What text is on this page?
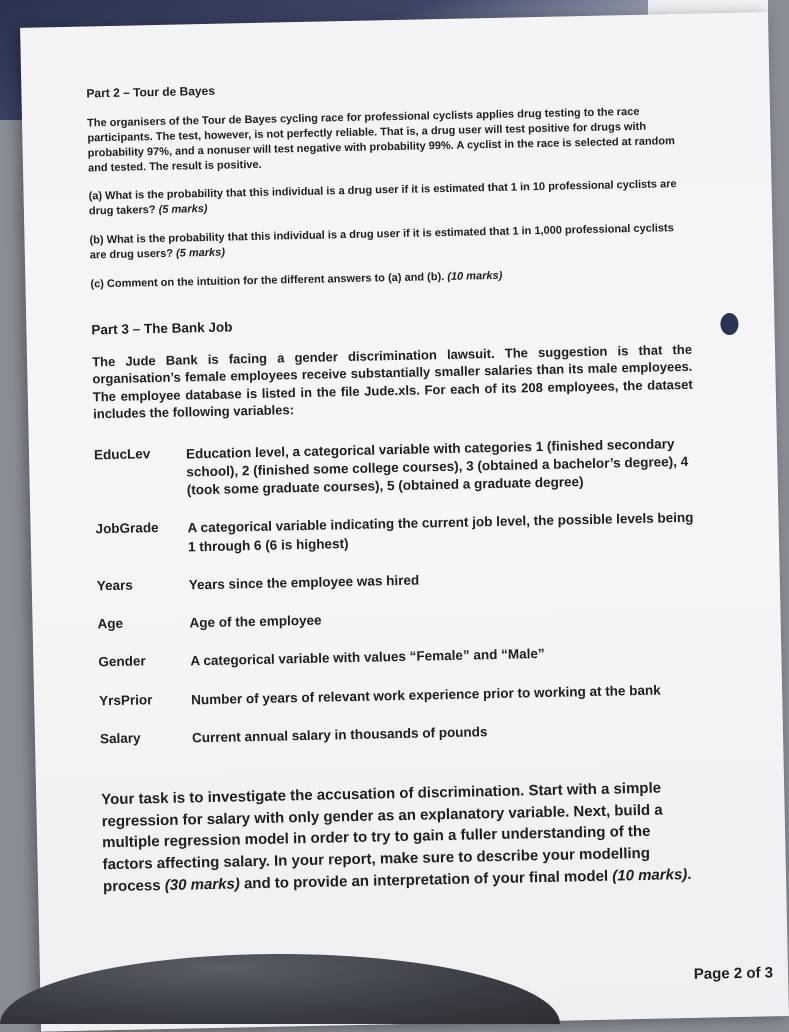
Part 2 – Tour de Bayes

The organisers of the Tour de Bayes cycling race for professional cyclists applies drug testing to the race participants. The test, however, is not perfectly reliable. That is, a drug user will test positive for drugs with probability 97%, and a nonuser will test negative with probability 99%. A cyclist in the race is selected at random and tested. The result is positive.

(a) What is the probability that this individual is a drug user if it is estimated that 1 in 10 professional cyclists are drug takers? (5 marks)

(b) What is the probability that this individual is a drug user if it is estimated that 1 in 1,000 professional cyclists are drug users? (5 marks)

(c) Comment on the intuition for the different answers to (a) and (b). (10 marks)

Part 3 – The Bank Job

The Jude Bank is facing a gender discrimination lawsuit. The suggestion is that the organisation’s female employees receive substantially smaller salaries than its male employees. The employee database is listed in the file Jude.xls. For each of its 208 employees, the dataset includes the following variables:

EducLev	Education level, a categorical variable with categories 1 (finished secondary school), 2 (finished some college courses), 3 (obtained a bachelor’s degree), 4 (took some graduate courses), 5 (obtained a graduate degree)
JobGrade	A categorical variable indicating the current job level, the possible levels being 1 through 6 (6 is highest)
Years	Years since the employee was hired
Age	Age of the employee
Gender	A categorical variable with values “Female” and “Male”
YrsPrior	Number of years of relevant work experience prior to working at the bank
Salary	Current annual salary in thousands of pounds

Your task is to investigate the accusation of discrimination. Start with a simple regression for salary with only gender as an explanatory variable. Next, build a multiple regression model in order to try to gain a fuller understanding of the factors affecting salary. In your report, make sure to describe your modelling process (30 marks) and to provide an interpretation of your final model (10 marks).

Page 2 of 3
